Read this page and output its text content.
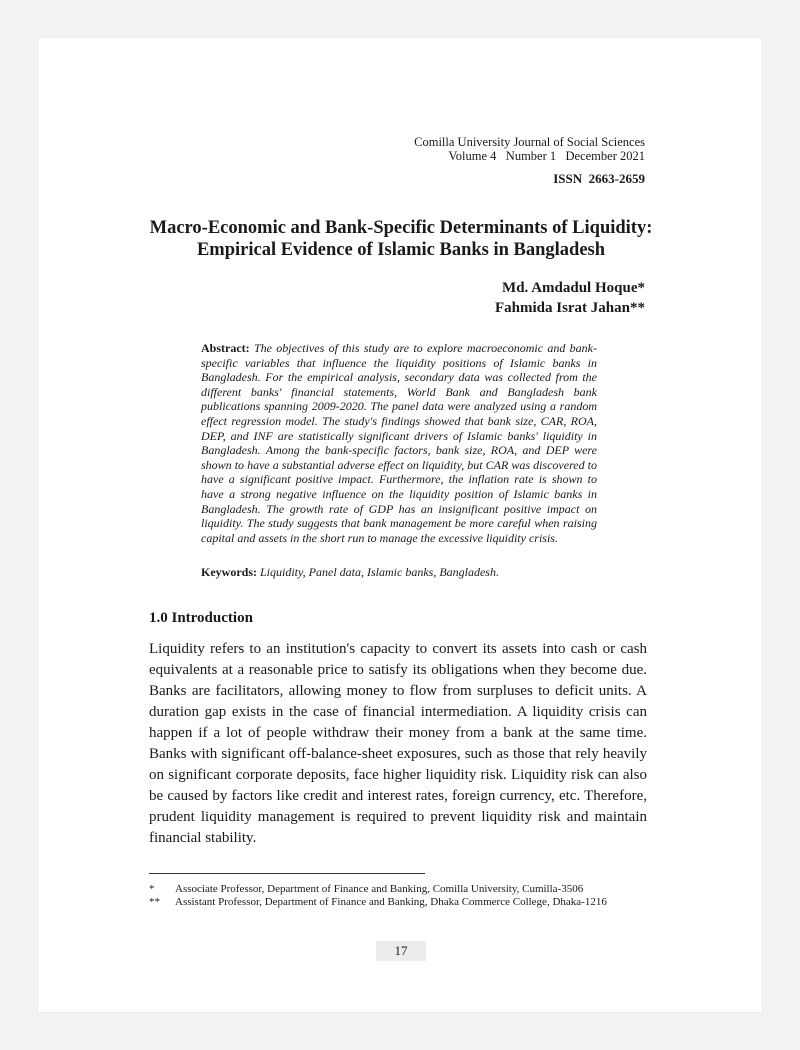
Comilla University Journal of Social Sciences
Volume 4   Number 1   December 2021
ISSN  2663-2659
Macro-Economic and Bank-Specific Determinants of Liquidity:
Empirical Evidence of Islamic Banks in Bangladesh
Md. Amdadul Hoque*
Fahmida Israt Jahan**
Abstract: The objectives of this study are to explore macroeconomic and bank-specific variables that influence the liquidity positions of Islamic banks in Bangladesh. For the empirical analysis, secondary data was collected from the different banks' financial statements, World Bank and Bangladesh bank publications spanning 2009-2020. The panel data were analyzed using a random effect regression model. The study's findings showed that bank size, CAR, ROA, DEP, and INF are statistically significant drivers of Islamic banks' liquidity in Bangladesh. Among the bank-specific factors, bank size, ROA, and DEP were shown to have a substantial adverse effect on liquidity, but CAR was discovered to have a significant positive impact. Furthermore, the inflation rate is shown to have a strong negative influence on the liquidity position of Islamic banks in Bangladesh. The growth rate of GDP has an insignificant positive impact on liquidity. The study suggests that bank management be more careful when raising capital and assets in the short run to manage the excessive liquidity crisis.
Keywords: Liquidity, Panel data, Islamic banks, Bangladesh.
1.0 Introduction

Liquidity refers to an institution's capacity to convert its assets into cash or cash equivalents at a reasonable price to satisfy its obligations when they become due. Banks are facilitators, allowing money to flow from surpluses to deficit units. A duration gap exists in the case of financial intermediation. A liquidity crisis can happen if a lot of people withdraw their money from a bank at the same time. Banks with significant off-balance-sheet exposures, such as those that rely heavily on significant corporate deposits, face higher liquidity risk. Liquidity risk can also be caused by factors like credit and interest rates, foreign currency, etc. Therefore, prudent liquidity management is required to prevent liquidity risk and maintain financial stability.

*	Associate Professor, Department of Finance and Banking, Comilla University, Cumilla-3506
**	Assistant Professor, Department of Finance and Banking, Dhaka Commerce College, Dhaka-1216
17
